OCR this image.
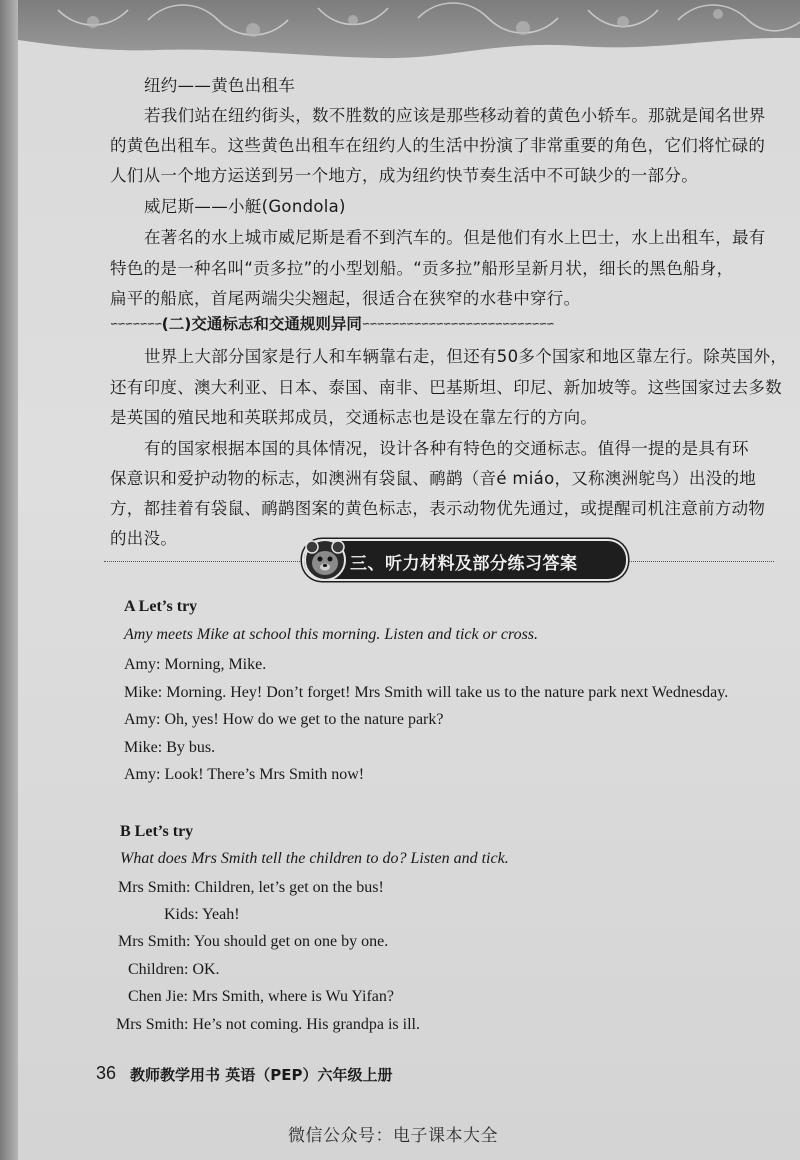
纽约——黄色出租车
若我们站在纽约街头，数不胜数的应该是那些移动着的黄色小轿车。那就是闻名世界
的黄色出租车。这些黄色出租车在纽约人的生活中扮演了非常重要的角色，它们将忙碌的
人们从一个地方运送到另一个地方，成为纽约快节奏生活中不可缺少的一部分。
威尼斯——小艇(Gondola)
在著名的水上城市威尼斯是看不到汽车的。但是他们有水上巴士，水上出租车，最有
特色的是一种名叫“贡多拉”的小型划船。“贡多拉”船形呈新月状，细长的黑色船身，
扁平的船底，首尾两端尖尖翘起，很适合在狭窄的水巷中穿行。
∽∽∽∽∽∽∽(二)交通标志和交通规则异同∽∽∽∽∽∽∽∽∽∽∽∽∽∽∽∽∽∽∽∽∽∽∽∽∽∽
世界上大部分国家是行人和车辆靠右走，但还有50多个国家和地区靠左行。除英国外，
还有印度、澳大利亚、日本、泰国、南非、巴基斯坦、印尼、新加坡等。这些国家过去多数
是英国的殖民地和英联邦成员，交通标志也是设在靠左行的方向。
有的国家根据本国的具体情况，设计各种有特色的交通标志。值得一提的是具有环
保意识和爱护动物的标志，如澳洲有袋鼠、鸸鹋（音é miáo，又称澳洲鸵鸟）出没的地
方，都挂着有袋鼠、鸸鹋图案的黄色标志，表示动物优先通过，或提醒司机注意前方动物
的出没。
三、听力材料及部分练习答案
A Let’s try
Amy meets Mike at school this morning. Listen and tick or cross.
Amy: Morning, Mike.
Mike: Morning. Hey! Don’t forget! Mrs Smith will take us to the nature park next Wednesday.
Amy: Oh, yes! How do we get to the nature park?
Mike: By bus.
Amy: Look! There’s Mrs Smith now!
B Let’s try
What does Mrs Smith tell the children to do? Listen and tick.
Mrs Smith: Children, let’s get on the bus!
Kids: Yeah!
Mrs Smith: You should get on one by one.
Children: OK.
Chen Jie: Mrs Smith, where is Wu Yifan?
Mrs Smith: He’s not coming. His grandpa is ill.
36 教师教学用书 英语（PEP）六年级上册
微信公众号：电子课本大全
